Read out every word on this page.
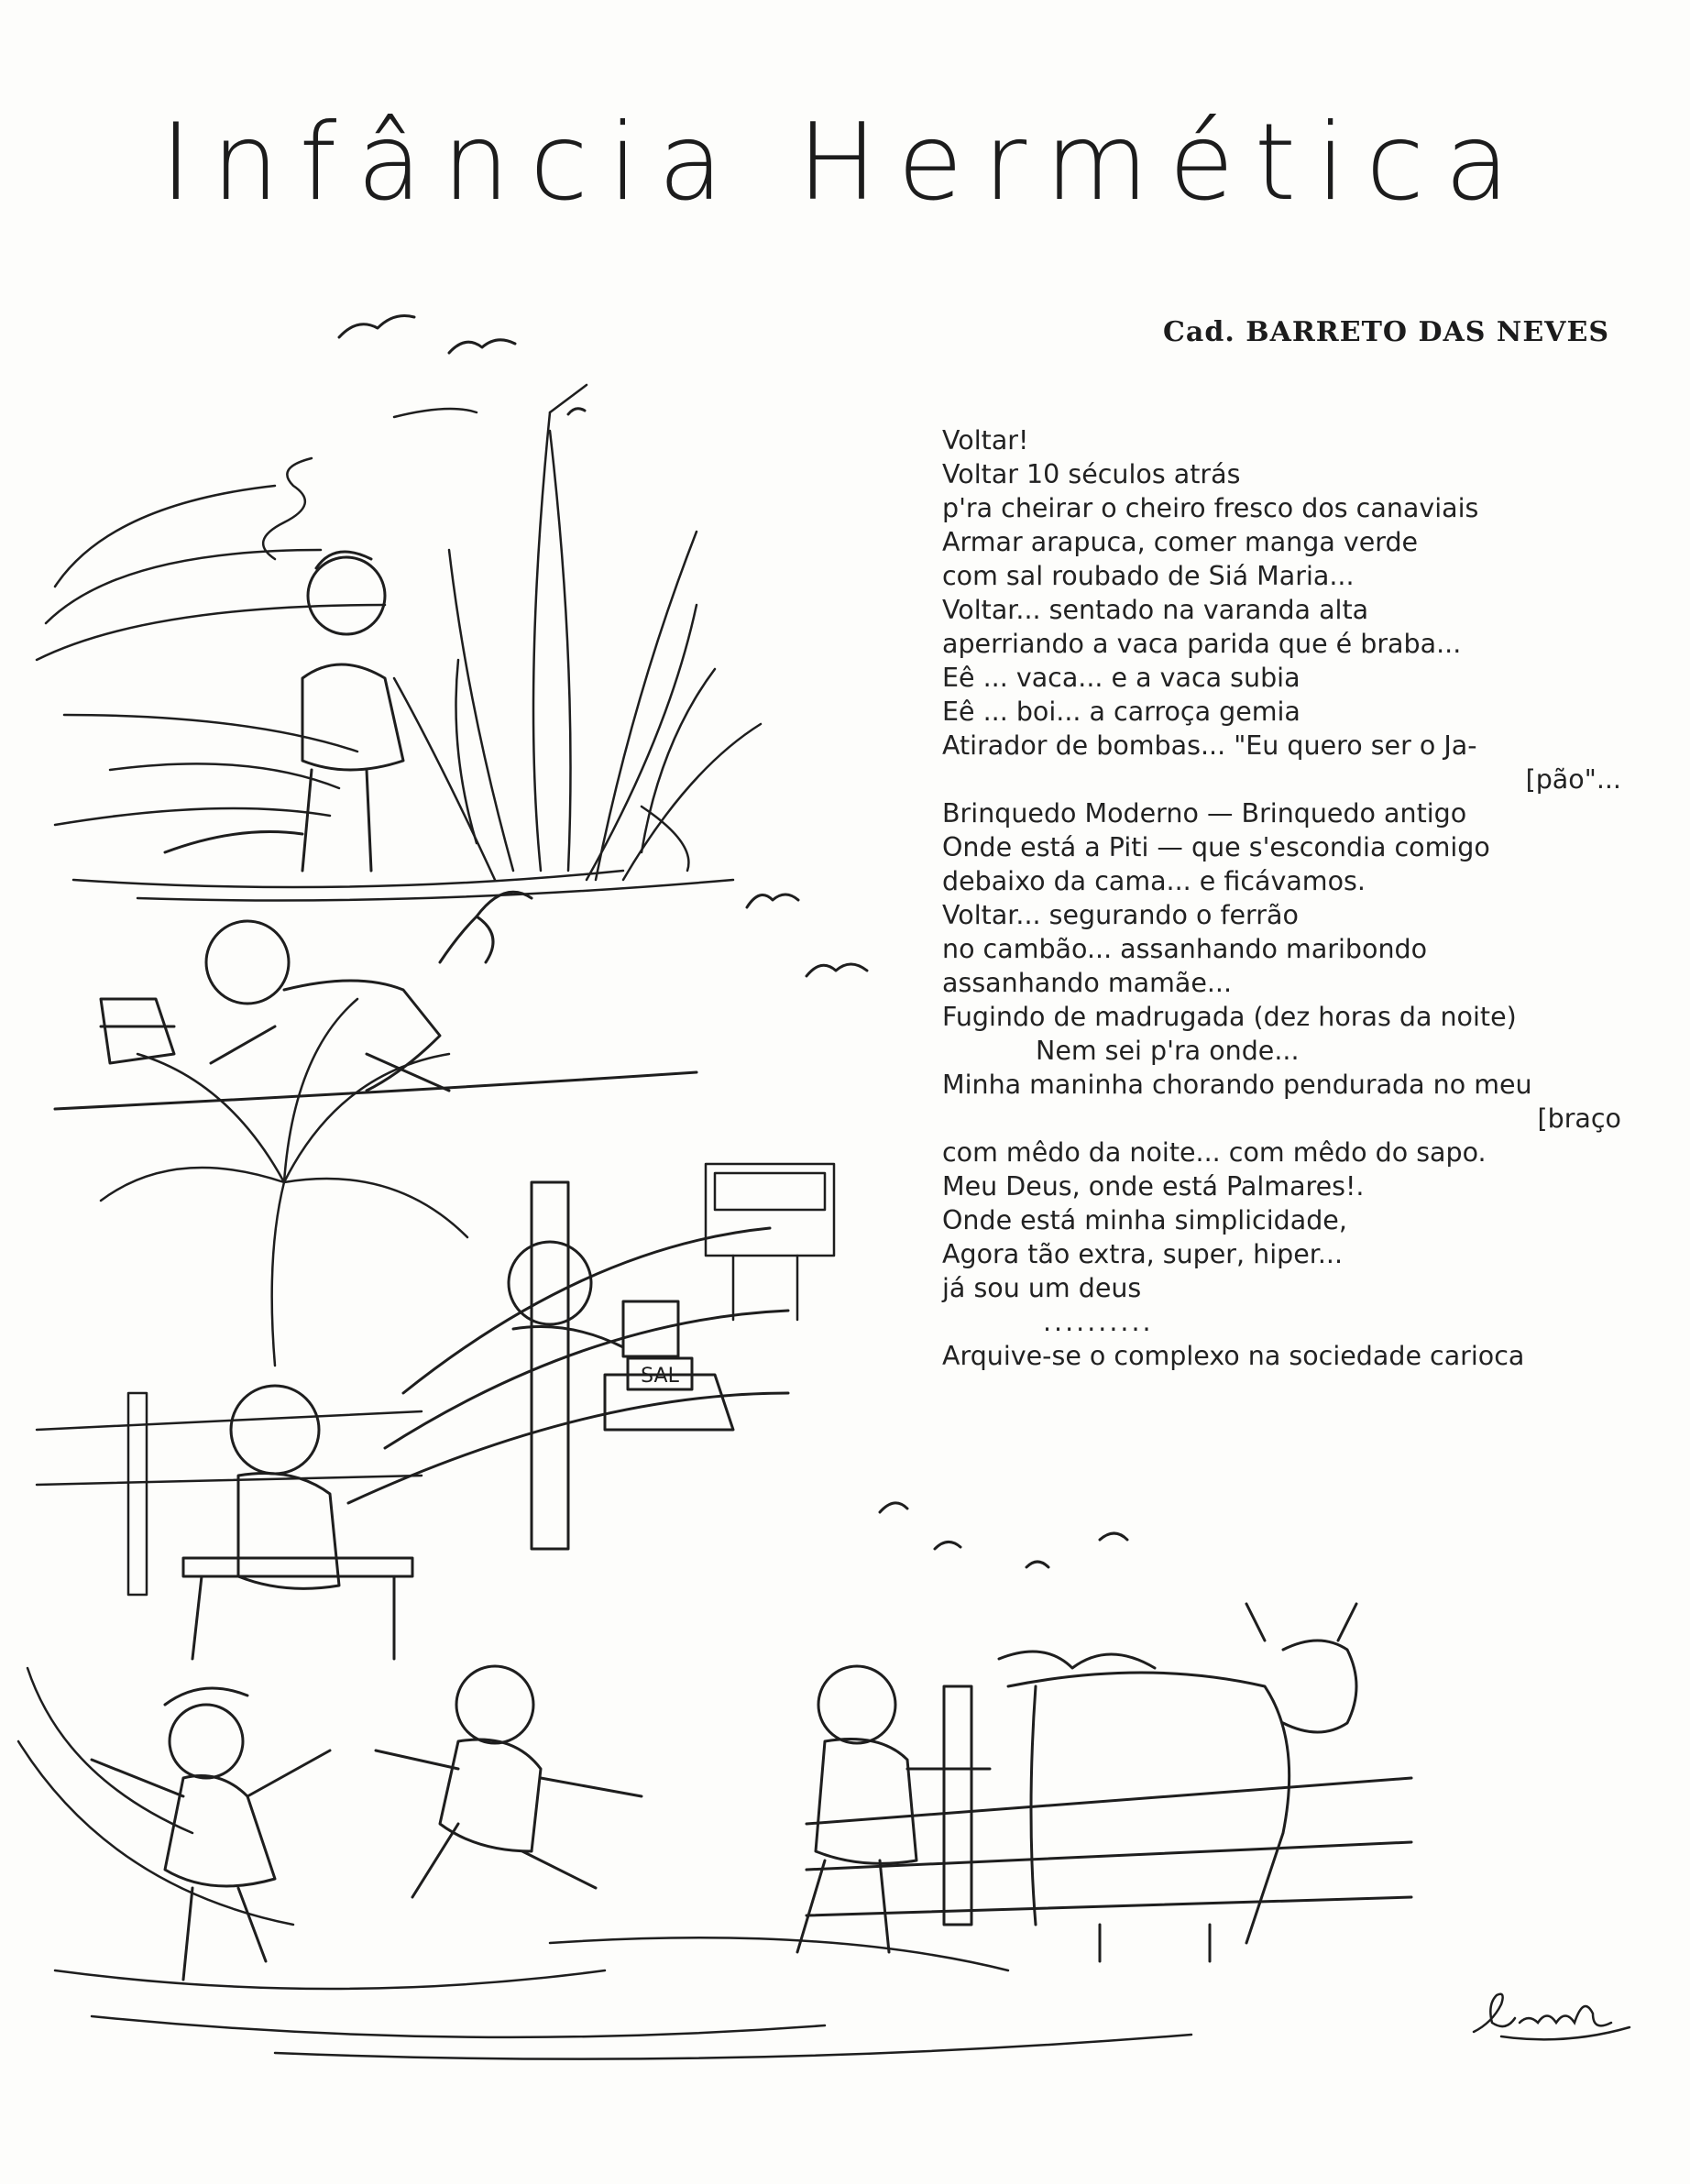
Infância Hermética
Cad. BARRETO DAS NEVES
Voltar!
Voltar 10 séculos atrás
p'ra cheirar o cheiro fresco dos canaviais
Armar arapuca, comer manga verde
com sal roubado de Siá Maria...
Voltar... sentado na varanda alta
aperriando a vaca parida que é braba...
Eê ... vaca... e a vaca subia
Eê ... boi... a carroça gemia
Atirador de bombas... "Eu quero ser o Ja-
[pão"...
Brinquedo Moderno — Brinquedo antigo
Onde está a Piti — que s'escondia comigo
debaixo da cama... e ficávamos.
Voltar... segurando o ferrão
no cambão... assanhando maribondo
assanhando mamãe...
Fugindo de madrugada (dez horas da noite)
Nem sei p'ra onde...
Minha maninha chorando pendurada no meu
[braço
com mêdo da noite... com mêdo do sapo.
Meu Deus, onde está Palmares!.
Onde está minha simplicidade,
Agora tão extra, super, hiper...
já sou um deus
..........
Arquive-se o complexo na sociedade carioca
SAL
